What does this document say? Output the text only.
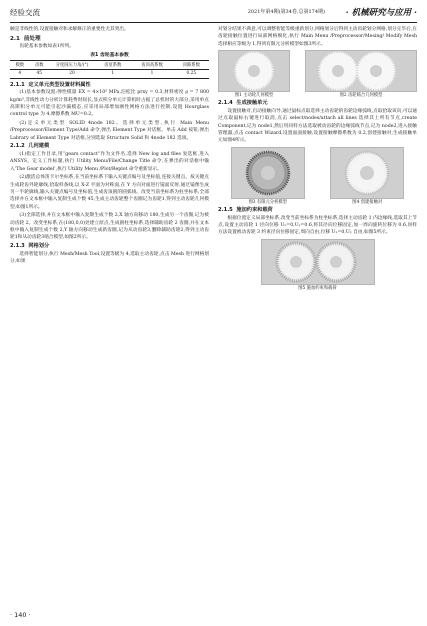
经验交流	2021年第4期(第34卷,总第174期) · 机械研究与应用 ·

触是非线性的,设置接触对和求解修正的重要性尤其突出。

2.1 前处理

齿轮基本参数如表1所列。

表1 齿轮基本参数
模数	齿数	分度圆压力角/(°)	齿宽系数	齿顶高系数	顶隙系数
4	45	20	1	1	0.25
2.1.1 定义单元类型设置材料属性

(1)基本参数设置:弹性模量 EX = 4×10⁵ MPa,泊松比 prxy = 0.3,材料密度 ρ = 7 800 kg/m³,非线性动力分析计算耗费时间长,显式积分单元计算机时占据了总机时的大部分,采用单点高斯积分单元可能引起沙漏模态,应采用局部增加刚性网格方法进行控制,设置 Hourglass control type 为 4,摩擦系数 MU=0.2。

(2)定义单元类型 SOLID 4node 182。选择单元类型,执行 Main Menu /Preprocessor/Element Type/Add 命令,弹出 Element Type 对话框。单击 Add 按钮,弹出 Labrary of Element Type 对话框,分别选取 Structure Solid 和 4node 182 选项。

2.1.2 几何建模

(1)指定工作目录,用“gears contact”作为文件名,选择 New log and files 复选框,进入 ANSYS。定义工作标题,执行 Utility Menu/File/Change Title 命令,在弹出的对话框中输入‘The Gear model’,执行 Utility Menu /Plot/Replot 命令重新显示。

(2)激活总体笛卡尔坐标系,在当前坐标系下输入关键点编号及坐标值,连接关键点。按关键点生成轮齿外轮廓线,拾取样条线,以 X-Z 平面为对称面,在 Y 方向对面进行镜面反射,通过镜像生成另一半轮廓线,输入关键点编号及坐标值,生成齿顶圆的圆弧线。改变当前坐标系为柱坐标系,全部选择并在文本框中输入复制生成个数 45,生成主动齿轮整个齿圈记为齿轮1,得到主动齿轮几何模型,如图1所示。

(3)全部选择,并在文本框中输入复制生成个数 2,X 轴方向移动 180,生成另一个齿圈,记为被动齿轮 2。改变坐标系,在(180,0,0)处建立原点,生成圆柱坐标系,选择辅助齿轮 2 齿圈,并在文本框中输入复制生成个数 2,Y 轴方向移动生成新齿圈,记为从动齿轮3,删除辅助齿轮2,得到主动齿轮1和从动齿轮3啮合模型,如图2所示。

2.1.3 网格划分

选择智能划分,执行 Mesh/Mesh Tool,设置等级为 4,选取主动齿轮,点击 Mesh 进行网格划分,如果

对划分结果不满意,可以调整智能等级重新划分,网格划分后得到主动齿轮划分网格,划分完毕后,在齿轮接触位置进行局部网格细化,执行 Main Menu /Preprocessor/Mesing/ Modify Mesh 选择相应等级为 1,得到有限元分析模型如图3所示。

图1 主动轮几何模型	图2 齿轮啮合几何模型
2.1.4 生成接触单元

设置接触对,启动接触向导,通过鼠标点取选择主动齿轮的齿轮边缘弧线,点取拾取该向,可以通过点取鼠标右键进行取消,点击 select/nodes/attach all lines 选择其上所有节点,create Component,记为 node1,然后用同样方法选取被动齿轮的边缘弧线节点,记为 node2,进入接触管理器,点击 contact Wizard,设置面面接触,设置接触摩擦系数为 0.2,创建接触对,生成接触单元如图4所示。

图3 有限元分析模型	图4 创建接触对
2.1.5 施加约束和载荷

根据位置定义局部坐标系,改变当前坐标系为柱坐标系,选择主动齿轮 1 内边缘线,选取其上节点,设置主动齿轮 1 径向位移 Uₓ=0,Uᵧ=0.6,将其径向位移固定,加一周向旋转位移为 0.6,同样方法设置被动齿轮 3 约束径向位移固定,周向自由,位移 Uₓ=0,Uᵧ 自由,如图5所示。

图5 施加约束和载荷
· 140 ·
